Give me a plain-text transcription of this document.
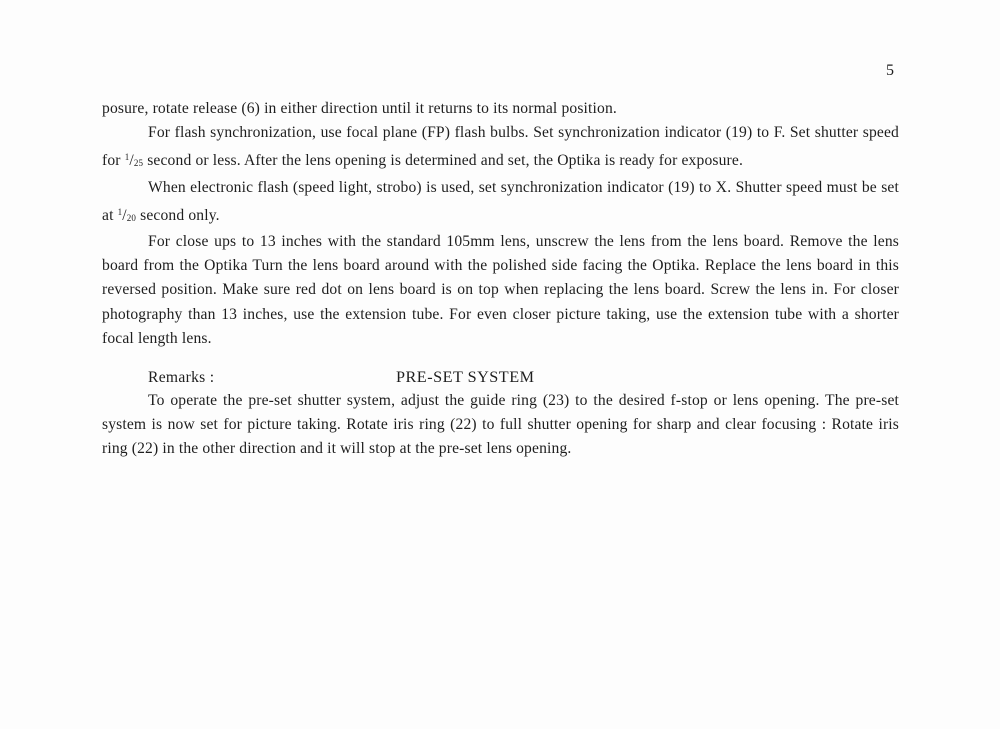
5

posure, rotate release (6) in either direction until it returns to its normal position.

For flash synchronization, use focal plane (FP) flash bulbs. Set synchronization indicator (19) to F. Set shutter speed for $^1/_{25}$ second or less. After the lens opening is determined and set, the Optika is ready for exposure.

When electronic flash (speed light, strobo) is used, set synchronization indicator (19) to X. Shutter speed must be set at $^1/_{20}$ second only.

For close ups to 13 inches with the standard 105mm lens, unscrew the lens from the lens board. Remove the lens board from the Optika Turn the lens board around with the polished side facing the Optika. Replace the lens board in this reversed position. Make sure red dot on lens board is on top when replacing the lens board. Screw the lens in. For closer photography than 13 inches, use the extension tube. For even closer picture taking, use the extension tube with a shorter focal length lens.

Remarks :	PRE-SET SYSTEM

To operate the pre-set shutter system, adjust the guide ring (23) to the desired f-stop or lens opening. The pre-set system is now set for picture taking. Rotate iris ring (22) to full shutter opening for sharp and clear focusing : Rotate iris ring (22) in the other direction and it will stop at the pre-set lens opening.
